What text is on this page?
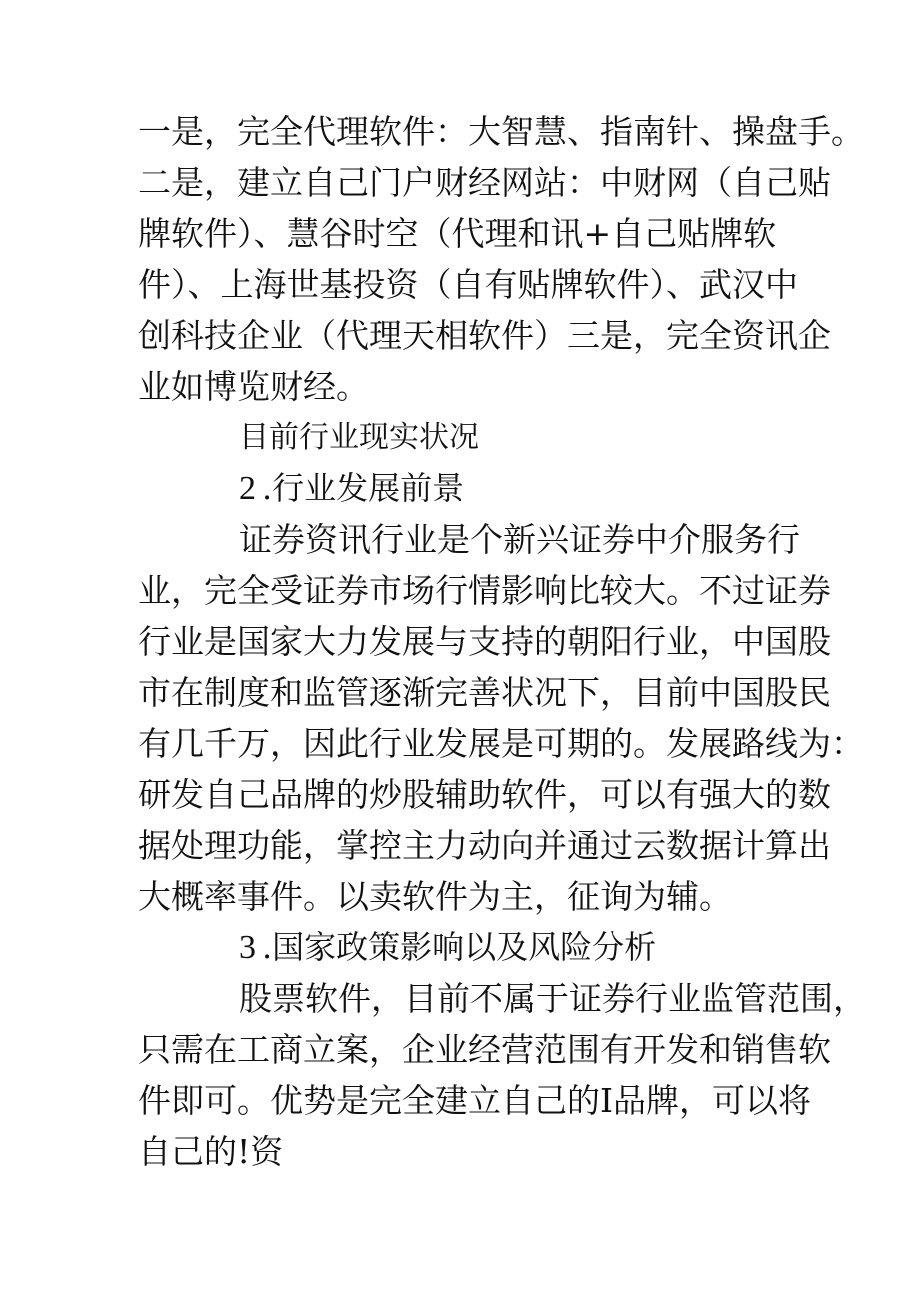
一是，完全代理软件：大智慧、指南针、操盘手。
二是，建立自己门户财经网站：中财网（自己贴
牌软件）、慧谷时空（代理和讯+自己贴牌软
件）、上海世基投资（自有贴牌软件）、武汉中
创科技企业（代理天相软件）三是，完全资讯企
业如博览财经。
目前行业现实状况
2 .行业发展前景
证券资讯行业是个新兴证券中介服务行
业，完全受证券市场行情影响比较大。不过证券
行业是国家大力发展与支持的朝阳行业，中国股
市在制度和监管逐渐完善状况下，目前中国股民
有几千万，因此行业发展是可期的。发展路线为：
研发自己品牌的炒股辅助软件，可以有强大的数
据处理功能，掌控主力动向并通过云数据计算出
大概率事件。以卖软件为主，征询为辅。
3 .国家政策影响以及风险分析
股票软件，目前不属于证券行业监管范围，
只需在工商立案，企业经营范围有开发和销售软
件即可。优势是完全建立自己的I品牌，可以将
自己的!资
